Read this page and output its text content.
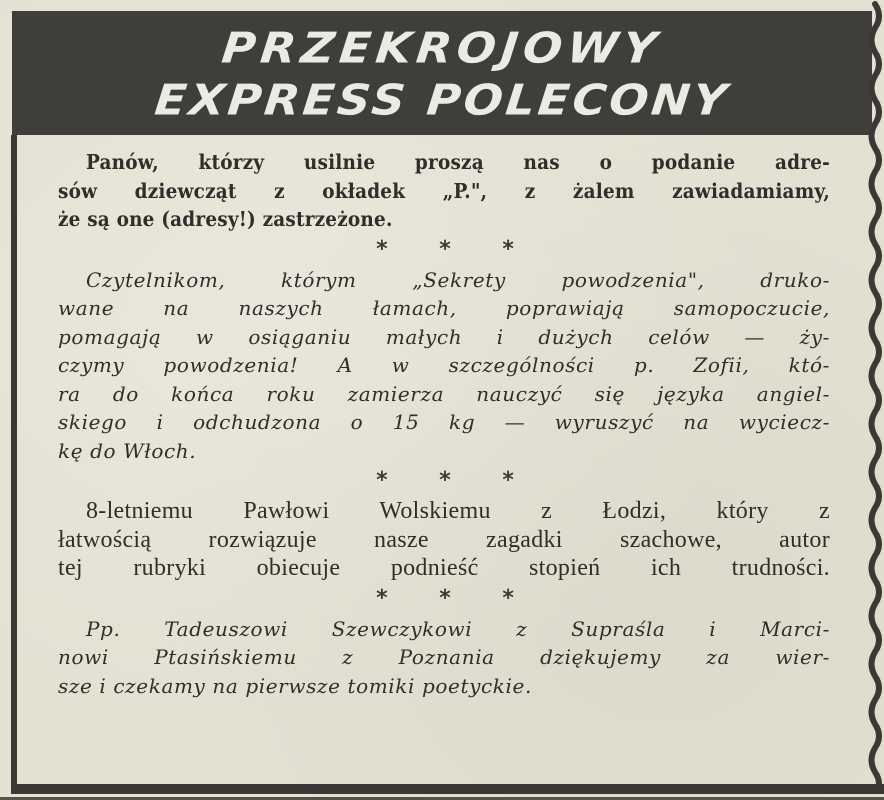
PRZEKROJOWY
EXPRESS POLECONY
Panów, którzy usilnie proszą nas o podanie adre-
sów dziewcząt z okładek „P.", z żalem zawiadamiamy,
że są one (adresy!) zastrzeżone.
* * *
Czytelnikom, którym „Sekrety powodzenia", druko-
wane na naszych łamach, poprawiają samopoczucie,
pomagają w osiąganiu małych i dużych celów — ży-
czymy powodzenia! A w szczególności p. Zofii, któ-
ra do końca roku zamierza nauczyć się języka angiel-
skiego i odchudzona o 15 kg — wyruszyć na wyciecz-
kę do Włoch.
* * *
8-letniemu Pawłowi Wolskiemu z Łodzi, który z
łatwością rozwiązuje nasze zagadki szachowe, autor
tej rubryki obiecuje podnieść stopień ich trudności.
* * *
Pp. Tadeuszowi Szewczykowi z Supraśla i Marci-
nowi Ptasińskiemu z Poznania dziękujemy za wier-
sze i czekamy na pierwsze tomiki poetyckie.
